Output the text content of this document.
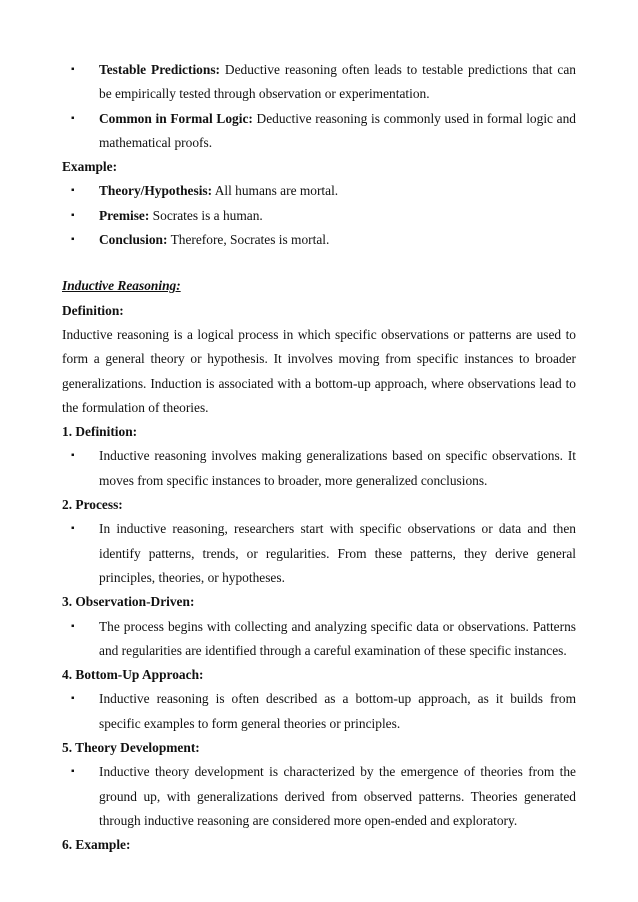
▪ Testable Predictions: Deductive reasoning often leads to testable predictions that can be empirically tested through observation or experimentation.
▪ Common in Formal Logic: Deductive reasoning is commonly used in formal logic and mathematical proofs.

Example:

▪ Theory/Hypothesis: All humans are mortal.
▪ Premise: Socrates is a human.
▪ Conclusion: Therefore, Socrates is mortal.

Inductive Reasoning:

Definition:

Inductive reasoning is a logical process in which specific observations or patterns are used to form a general theory or hypothesis. It involves moving from specific instances to broader generalizations. Induction is associated with a bottom-up approach, where observations lead to the formulation of theories.

1. Definition:

▪ Inductive reasoning involves making generalizations based on specific observations. It moves from specific instances to broader, more generalized conclusions.

2. Process:

▪ In inductive reasoning, researchers start with specific observations or data and then identify patterns, trends, or regularities. From these patterns, they derive general principles, theories, or hypotheses.

3. Observation-Driven:

▪ The process begins with collecting and analyzing specific data or observations. Patterns and regularities are identified through a careful examination of these specific instances.

4. Bottom-Up Approach:

▪ Inductive reasoning is often described as a bottom-up approach, as it builds from specific examples to form general theories or principles.

5. Theory Development:

▪ Inductive theory development is characterized by the emergence of theories from the ground up, with generalizations derived from observed patterns. Theories generated through inductive reasoning are considered more open-ended and exploratory.

6. Example:
